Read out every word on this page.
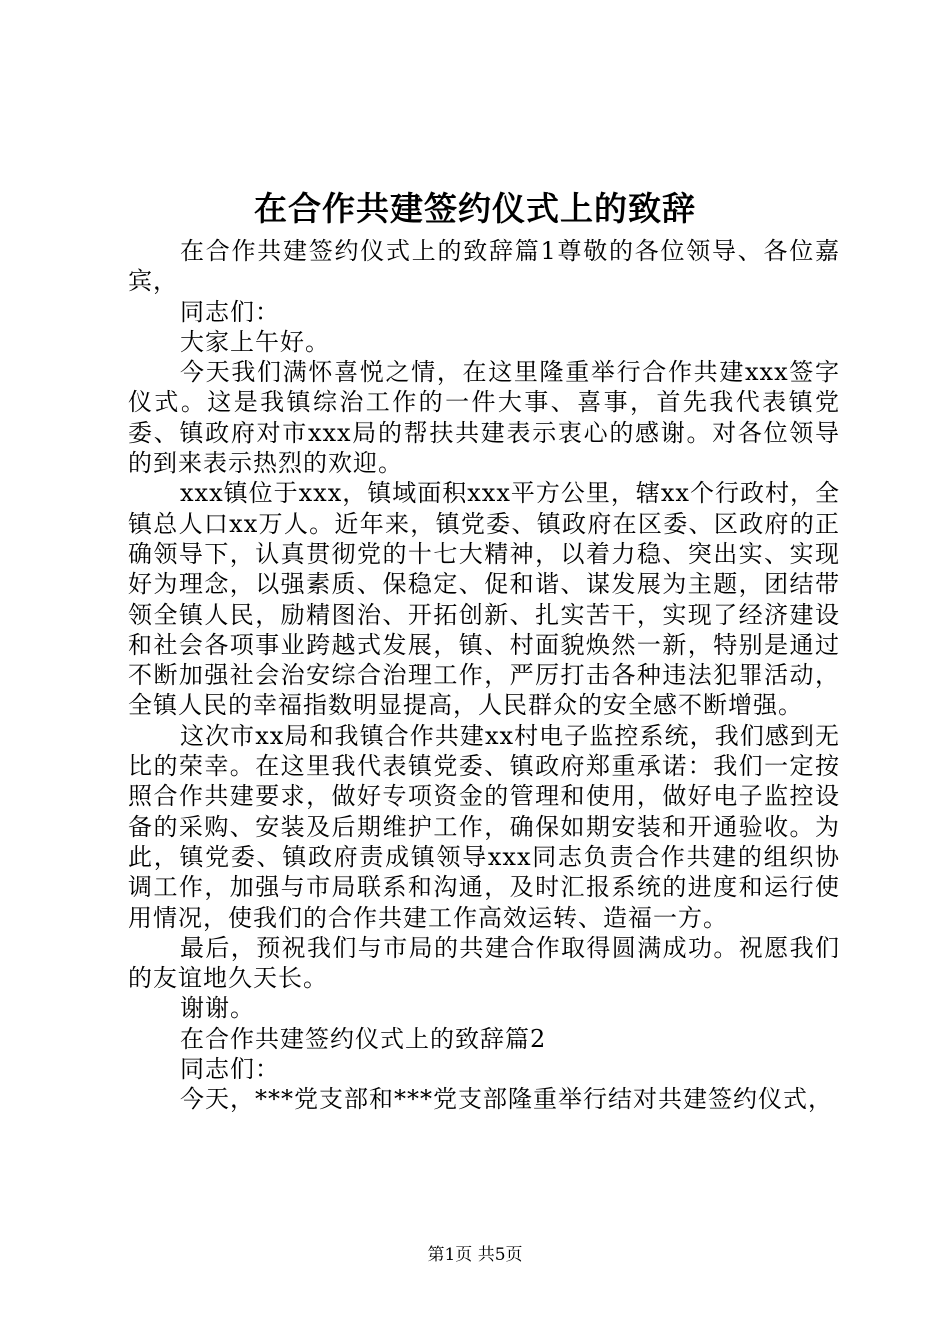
在合作共建签约仪式上的致辞

在合作共建签约仪式上的致辞篇1尊敬的各位领导、各位嘉宾，

同志们：

大家上午好。

今天我们满怀喜悦之情，在这里隆重举行合作共建xxx签字仪式。这是我镇综治工作的一件大事、喜事，首先我代表镇党委、镇政府对市xxx局的帮扶共建表示衷心的感谢。对各位领导的到来表示热烈的欢迎。

xxx镇位于xxx，镇域面积xxx平方公里，辖xx个行政村，全镇总人口xx万人。近年来，镇党委、镇政府在区委、区政府的正确领导下，认真贯彻党的十七大精神，以着力稳、突出实、实现好为理念，以强素质、保稳定、促和谐、谋发展为主题，团结带领全镇人民，励精图治、开拓创新、扎实苦干，实现了经济建设和社会各项事业跨越式发展，镇、村面貌焕然一新，特别是通过不断加强社会治安综合治理工作，严厉打击各种违法犯罪活动，全镇人民的幸福指数明显提高，人民群众的安全感不断增强。

这次市xx局和我镇合作共建xx村电子监控系统，我们感到无比的荣幸。在这里我代表镇党委、镇政府郑重承诺：我们一定按照合作共建要求，做好专项资金的管理和使用，做好电子监控设备的采购、安装及后期维护工作，确保如期安装和开通验收。为此，镇党委、镇政府责成镇领导xxx同志负责合作共建的组织协调工作，加强与市局联系和沟通，及时汇报系统的进度和运行使用情况，使我们的合作共建工作高效运转、造福一方。

最后，预祝我们与市局的共建合作取得圆满成功。祝愿我们的友谊地久天长。

谢谢。

在合作共建签约仪式上的致辞篇2

同志们：

今天，***党支部和***党支部隆重举行结对共建签约仪式，

第1页 共5页
